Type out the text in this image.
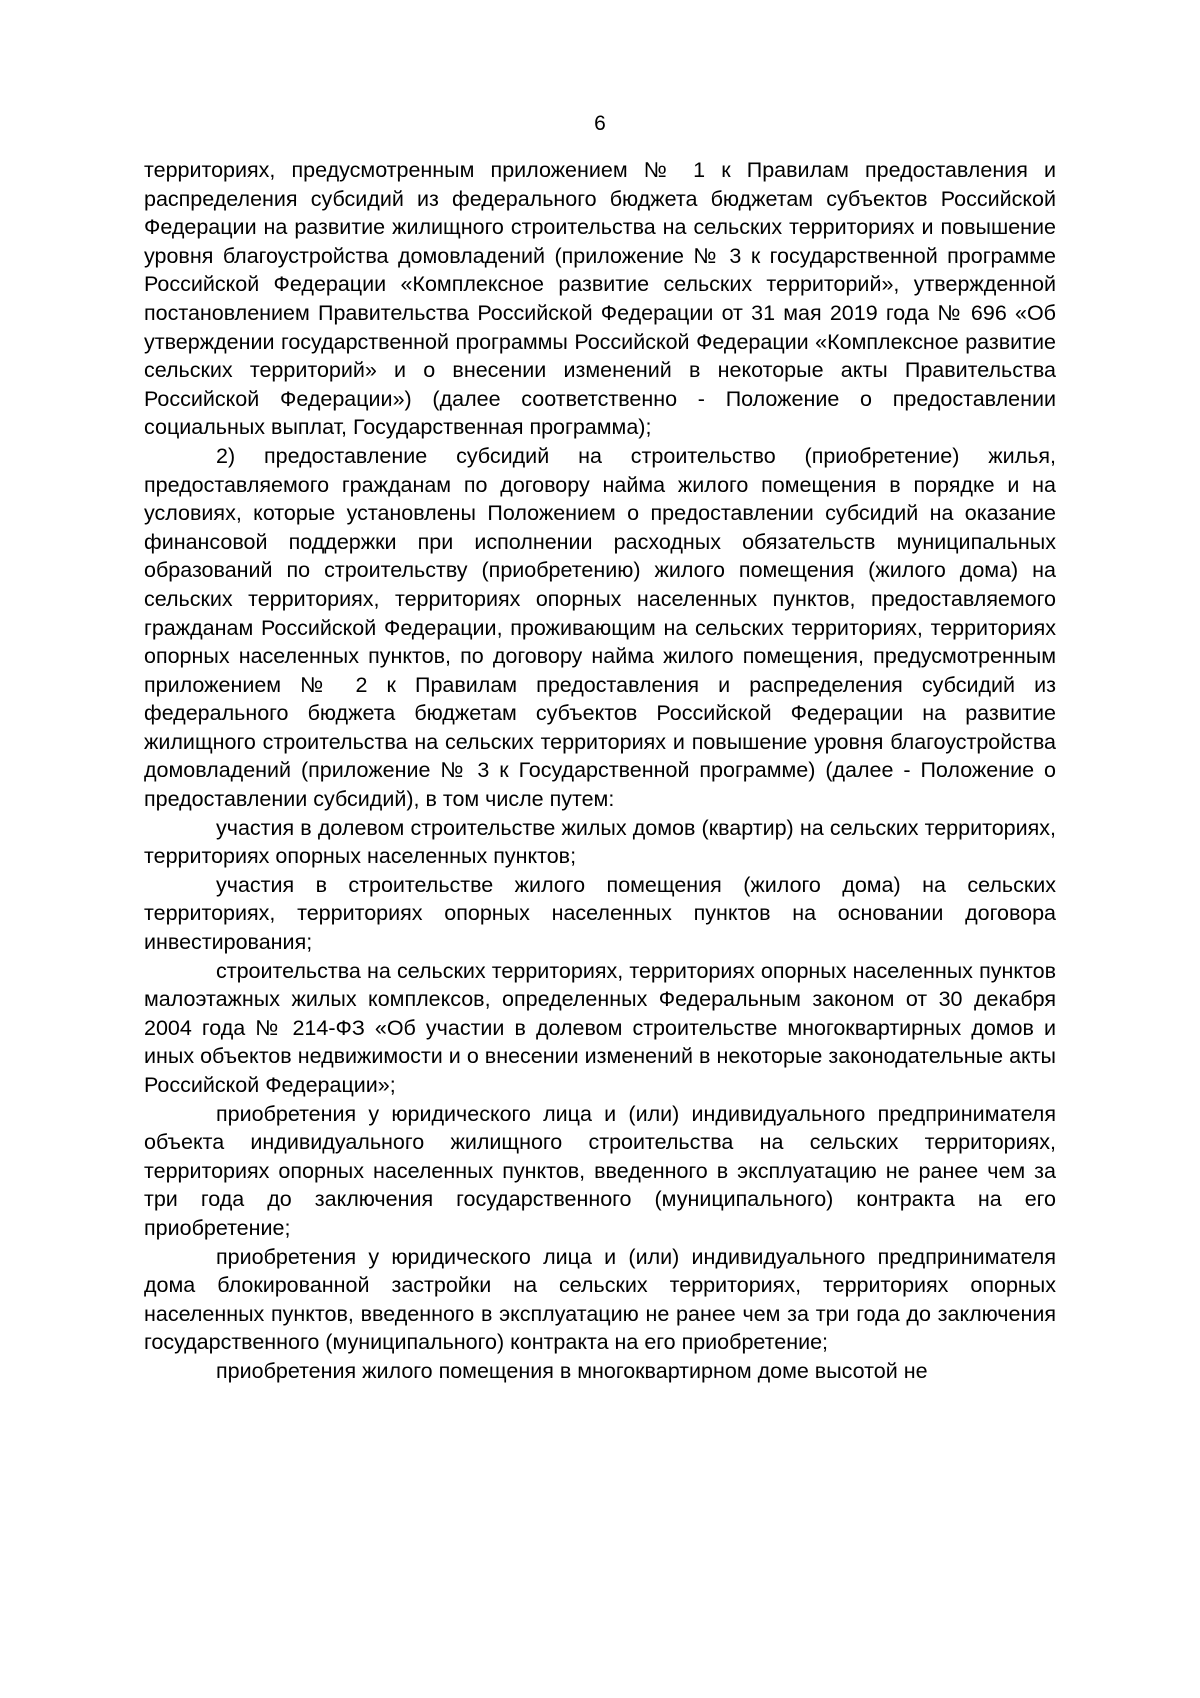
6

территориях, предусмотренным приложением № 1 к Правилам предоставления и распределения субсидий из федерального бюджета бюджетам субъектов Российской Федерации на развитие жилищного строительства на сельских территориях и повышение уровня благоустройства домовладений (приложение № 3 к государственной программе Российской Федерации «Комплексное развитие сельских территорий», утвержденной постановлением Правительства Российской Федерации от 31 мая 2019 года № 696 «Об утверждении государственной программы Российской Федерации «Комплексное развитие сельских территорий» и о внесении изменений в некоторые акты Правительства Российской Федерации») (далее соответственно - Положение о предоставлении социальных выплат, Государственная программа);

2) предоставление субсидий на строительство (приобретение) жилья, предоставляемого гражданам по договору найма жилого помещения в порядке и на условиях, которые установлены Положением о предоставлении субсидий на оказание финансовой поддержки при исполнении расходных обязательств муниципальных образований по строительству (приобретению) жилого помещения (жилого дома) на сельских территориях, территориях опорных населенных пунктов, предоставляемого гражданам Российской Федерации, проживающим на сельских территориях, территориях опорных населенных пунктов, по договору найма жилого помещения, предусмотренным приложением № 2 к Правилам предоставления и распределения субсидий из федерального бюджета бюджетам субъектов Российской Федерации на развитие жилищного строительства на сельских территориях и повышение уровня благоустройства домовладений (приложение № 3 к Государственной программе) (далее - Положение о предоставлении субсидий), в том числе путем:

участия в долевом строительстве жилых домов (квартир) на сельских территориях, территориях опорных населенных пунктов;

участия в строительстве жилого помещения (жилого дома) на сельских территориях, территориях опорных населенных пунктов на основании договора инвестирования;

строительства на сельских территориях, территориях опорных населенных пунктов малоэтажных жилых комплексов, определенных Федеральным законом от 30 декабря 2004 года № 214-ФЗ «Об участии в долевом строительстве многоквартирных домов и иных объектов недвижимости и о внесении изменений в некоторые законодательные акты Российской Федерации»;

приобретения у юридического лица и (или) индивидуального предпринимателя объекта индивидуального жилищного строительства на сельских территориях, территориях опорных населенных пунктов, введенного в эксплуатацию не ранее чем за три года до заключения государственного (муниципального) контракта на его приобретение;

приобретения у юридического лица и (или) индивидуального предпринимателя дома блокированной застройки на сельских территориях, территориях опорных населенных пунктов, введенного в эксплуатацию не ранее чем за три года до заключения государственного (муниципального) контракта на его приобретение;

приобретения жилого помещения в многоквартирном доме высотой не
